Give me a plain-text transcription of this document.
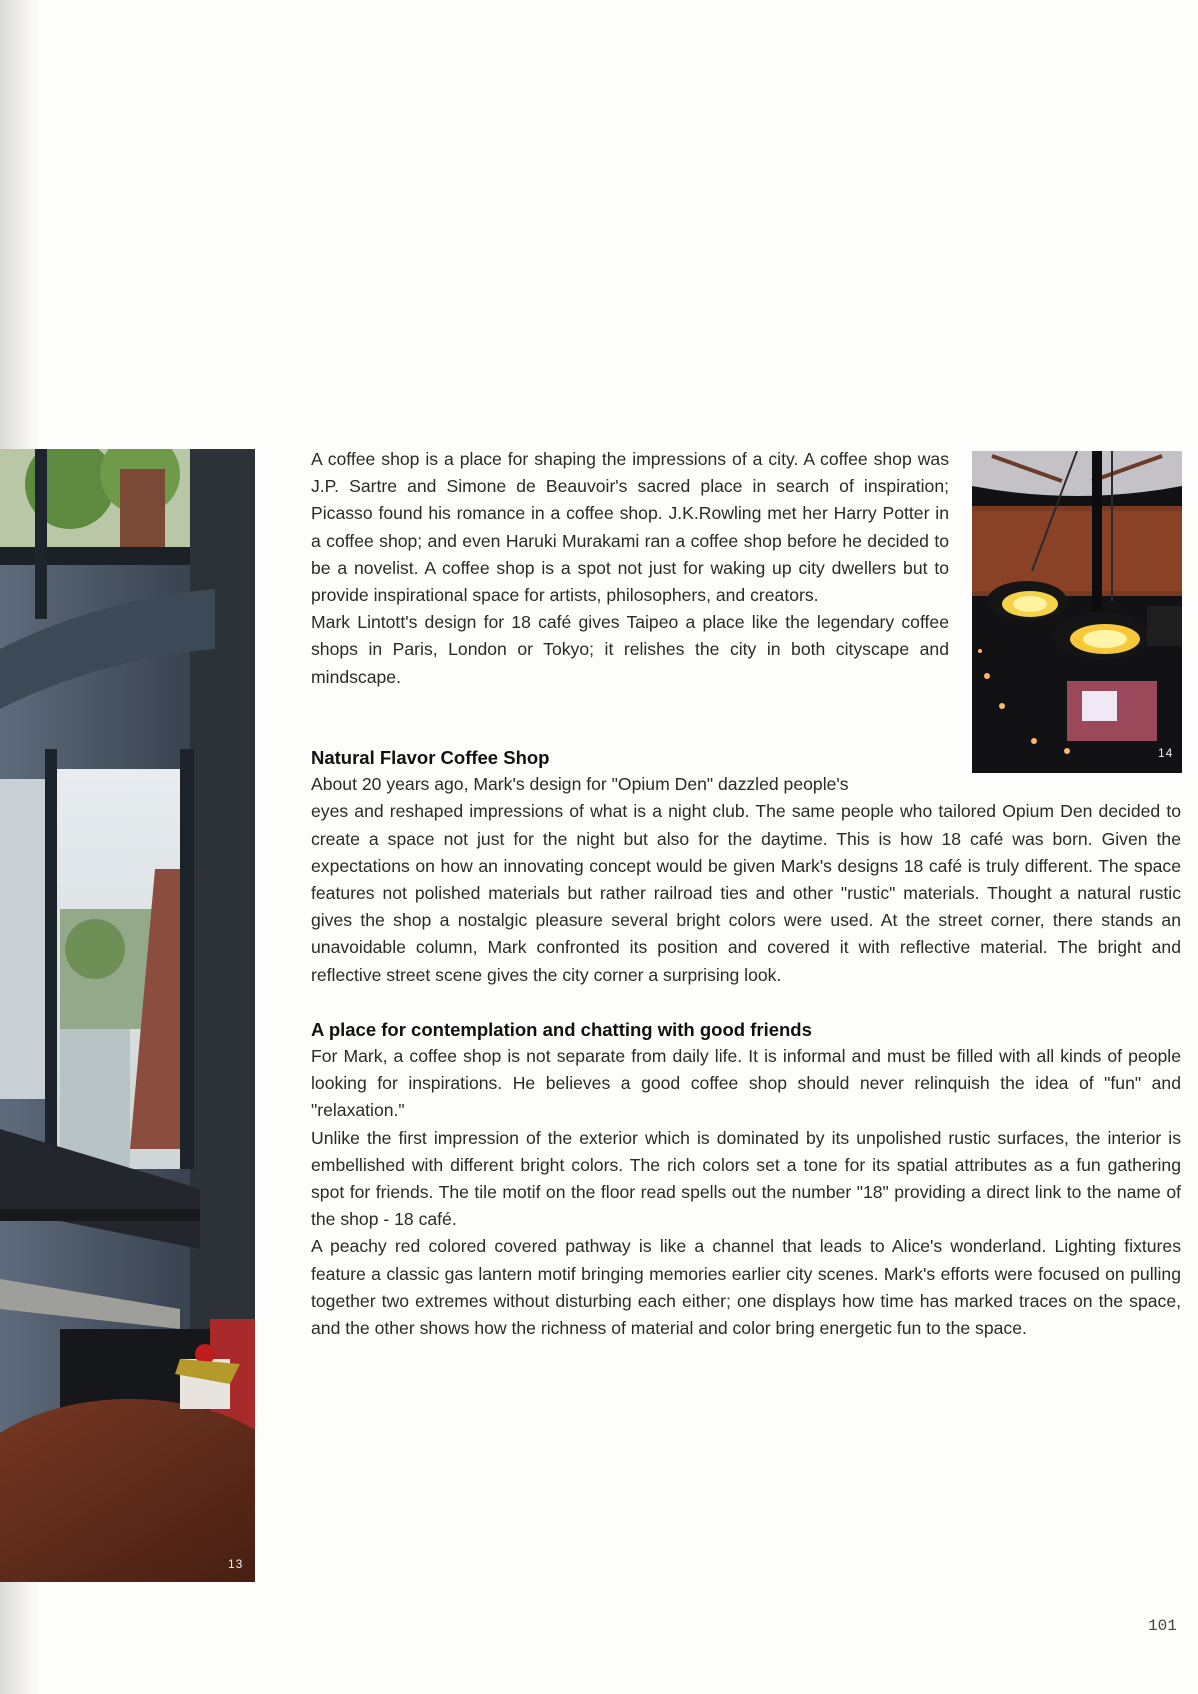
13
14

A coffee shop is a place for shaping the impressions of a city. A coffee shop was J.P. Sartre and Simone de Beauvoir's sacred place in search of inspiration; Picasso found his romance in a coffee shop. J.K.Rowling met her Harry Potter in a coffee shop; and even Haruki Murakami ran a coffee shop before he decided to be a novelist. A coffee shop is a spot not just for waking up city dwellers but to provide inspirational space for artists, philosophers, and creators.

Mark Lintott's design for 18 café gives Taipeo a place like the legendary coffee shops in Paris, London or Tokyo; it relishes the city in both cityscape and mindscape.

Natural Flavor Coffee Shop

About 20 years ago, Mark's design for "Opium Den" dazzled people's
eyes and reshaped impressions of what is a night club. The same people who tailored Opium Den decided to create a space not just for the night but also for the daytime. This is how 18 café was born. Given the expectations on how an innovating concept would be given Mark's designs 18 café is truly different. The space features not polished materials but rather railroad ties and other "rustic" materials. Thought a natural rustic gives the shop a nostalgic pleasure several bright colors were used. At the street corner, there stands an unavoidable column, Mark confronted its position and covered it with reflective material. The bright and reflective street scene gives the city corner a surprising look.

A place for contemplation and chatting with good friends

For Mark, a coffee shop is not separate from daily life. It is informal and must be filled with all kinds of people looking for inspirations. He believes a good coffee shop should never relinquish the idea of "fun" and "relaxation."

Unlike the first impression of the exterior which is dominated by its unpolished rustic surfaces, the interior is embellished with different bright colors. The rich colors set a tone for its spatial attributes as a fun gathering spot for friends. The tile motif on the floor read spells out the number "18" providing a direct link to the name of the shop - 18 café.

A peachy red colored covered pathway is like a channel that leads to Alice's wonderland. Lighting fixtures feature a classic gas lantern motif bringing memories earlier city scenes. Mark's efforts were focused on pulling together two extremes without disturbing each either; one displays how time has marked traces on the space, and the other shows how the richness of material and color bring energetic fun to the space.

101
